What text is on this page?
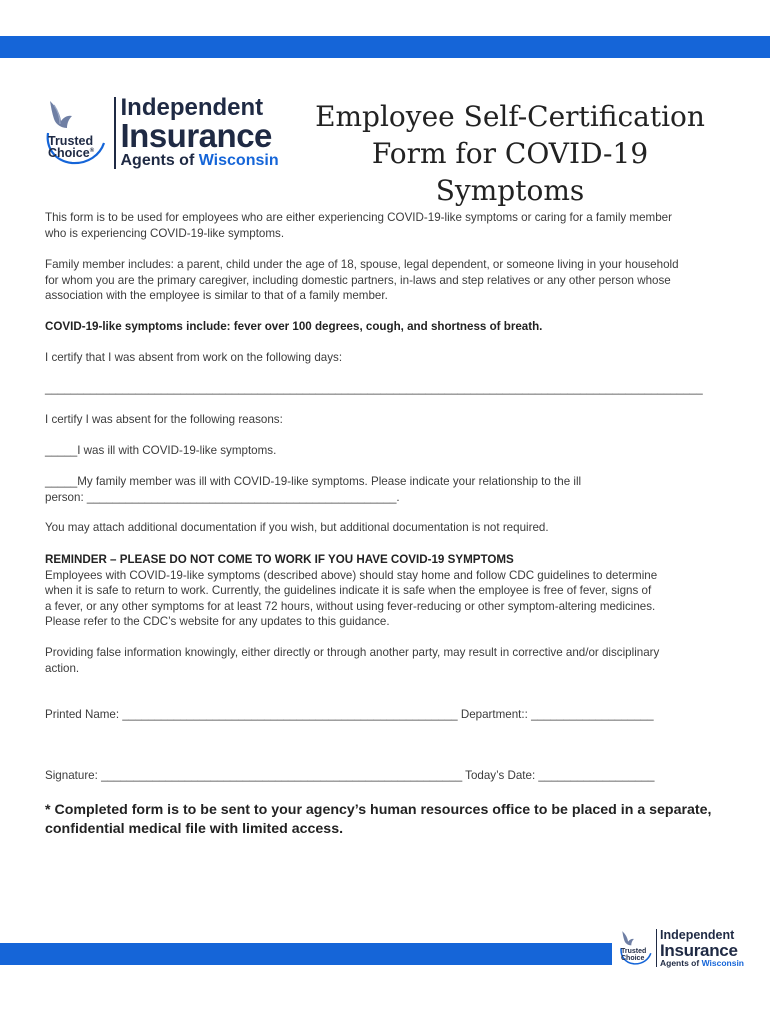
Trusted
Choice®
Independent
Insurance
Agents of Wisconsin
Employee Self-Certification
Form for COVID-19 Symptoms
This form is to be used for employees who are either experiencing COVID-19-like symptoms or caring for a family member
who is experiencing COVID-19-like symptoms.
Family member includes: a parent, child under the age of 18, spouse, legal dependent, or someone living in your household
for whom you are the primary caregiver, including domestic partners, in-laws and step relatives or any other person whose
association with the employee is similar to that of a family member.
COVID-19-like symptoms include: fever over 100 degrees, cough, and shortness of breath.
I certify that I was absent from work on the following days:
______________________________________________________________________________________________________
I certify I was absent for the following reasons:
_____I was ill with COVID-19-like symptoms.
_____My family member was ill with COVID-19-like symptoms. Please indicate your relationship to the ill
person: ________________________________________________.
You may attach additional documentation if you wish, but additional documentation is not required.
REMINDER – PLEASE DO NOT COME TO WORK IF YOU HAVE COVID-19 SYMPTOMS
Employees with COVID-19-like symptoms (described above) should stay home and follow CDC guidelines to determine
when it is safe to return to work. Currently, the guidelines indicate it is safe when the employee is free of fever, signs of
a fever, or any other symptoms for at least 72 hours, without using fever-reducing or other symptom-altering medicines.
Please refer to the CDC’s website for any updates to this guidance.
Providing false information knowingly, either directly or through another party, may result in corrective and/or disciplinary
action.
Printed Name: ____________________________________________________ Department:: ___________________
Signature: ________________________________________________________ Today’s Date: __________________
* Completed form is to be sent to your agency’s human resources office to be placed in a separate,
confidential medical file with limited access.
Trusted
Choice
Independent
Insurance
Agents of Wisconsin
